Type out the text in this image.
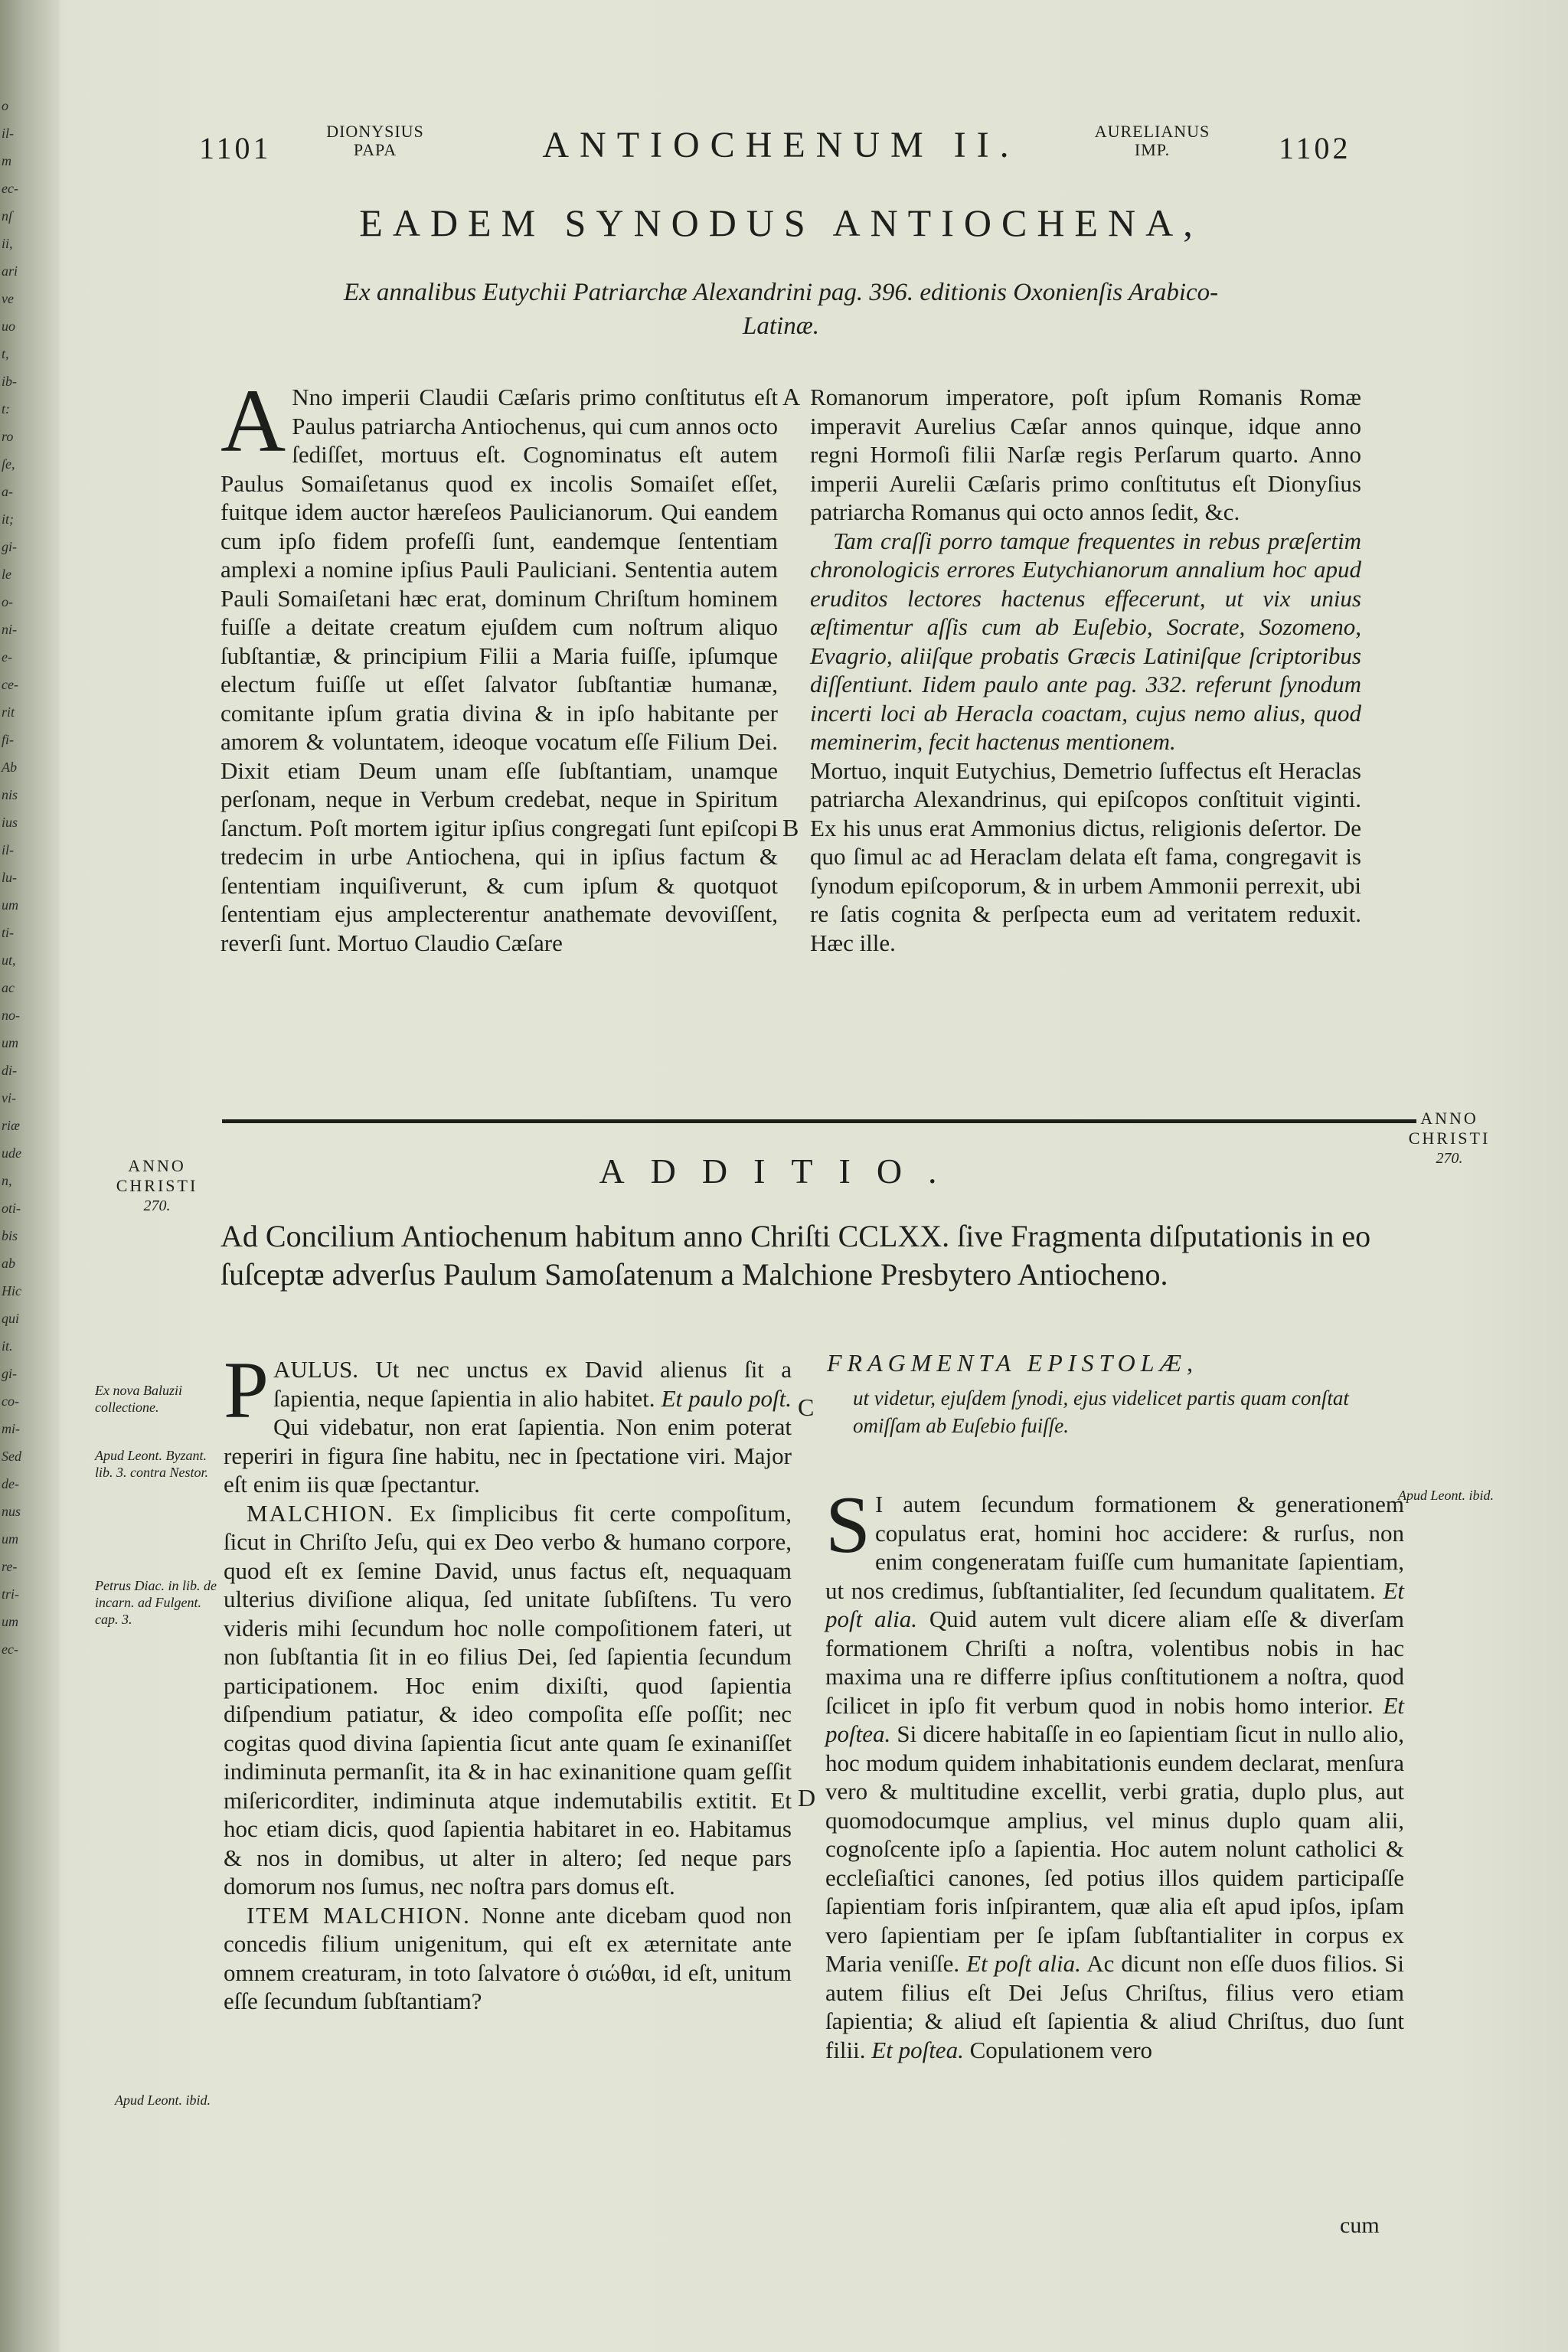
o
il-
m
ec-
nſ
ii,
ari
ve
uo
t,
ib-
t:
ro
ſe,
a-
it;
gi-
le
o-
ni-
e-
ce-
rit
fi-
Ab
nis
ius
il-
lu-
um
ti-
ut,
ac
no-
um
di-
vi-
riæ
ude
n,
oti-
bis
ab
Hic
qui
it.
gi-
co-
mi-
Sed
de-
nus
um
re-
tri-
um
ec-
1101	DIONYSIUS
PAPA	ANTIOCHENUM II.	AURELIANUS
IMP.	1102
EADEM SYNODUS ANTIOCHENA,
Ex annalibus Eutychii Patriarchæ Alexandrini pag. 396. editionis Oxonienſis Arabico-Latinæ.

A Nno imperii Claudii Cæſaris primo conſtitutus eſt Paulus patriarcha Antiochenus, qui cum annos octo ſediſſet, mortuus eſt. Cognominatus eſt autem Paulus Somaiſetanus quod ex incolis Somaiſet eſſet, fuitque idem auctor hæreſeos Paulicianorum. Qui eandem cum ipſo fidem profeſſi ſunt, eandemque ſententiam amplexi a nomine ipſius Pauli Pauliciani. Sententia autem Pauli Somaiſetani hæc erat, dominum Chriſtum hominem fuiſſe a deitate creatum ejuſdem cum noſtrum aliquo ſubſtantiæ, & principium Filii a Maria fuiſſe, ipſumque electum fuiſſe ut eſſet ſalvator ſubſtantiæ humanæ, comitante ipſum gratia divina & in ipſo habitante per amorem & voluntatem, ideoque vocatum eſſe Filium Dei. Dixit etiam Deum unam eſſe ſubſtantiam, unamque perſonam, neque in Verbum credebat, neque in Spiritum ſanctum. Poſt mortem igitur ipſius congregati ſunt epiſcopi tredecim in urbe Antiochena, qui in ipſius factum & ſententiam inquiſiverunt, & cum ipſum & quotquot ſententiam ejus amplecterentur anathemate devoviſſent, reverſi ſunt. Mortuo Claudio Cæſare

A
B

Romanorum imperatore, poſt ipſum Romanis Romæ imperavit Aurelius Cæſar annos quinque, idque anno regni Hormoſi filii Narſæ regis Perſarum quarto. Anno imperii Aurelii Cæſaris primo conſtitutus eſt Dionyſius patriarcha Romanus qui octo annos ſedit, &c.

Tam craſſi porro tamque frequentes in rebus præſertim chronologicis errores Eutychianorum annalium hoc apud eruditos lectores hactenus effecerunt, ut vix unius æſtimentur aſſis cum ab Euſebio, Socrate, Sozomeno, Evagrio, aliiſque probatis Græcis Latiniſque ſcriptoribus diſſentiunt. Iidem paulo ante pag. 332. referunt ſynodum incerti loci ab Heracla coactam, cujus nemo alius, quod meminerim, fecit hactenus mentionem.

Mortuo, inquit Eutychius, Demetrio ſuffectus eſt Heraclas patriarcha Alexandrinus, qui epiſcopos conſtituit viginti. Ex his unus erat Ammonius dictus, religionis deſertor. De quo ſimul ac ad Heraclam delata eſt fama, congregavit is ſynodum epiſcoporum, & in urbem Ammonii perrexit, ubi re ſatis cognita & perſpecta eum ad veritatem reduxit. Hæc ille.

ANNO
CHRISTI
270.
ANNO
CHRISTI
270.
ADDITIO.
Ad Concilium Antiochenum habitum anno Chriſti CCLXX. ſive Fragmenta diſputationis in eo ſuſceptæ adverſus Paulum Samoſatenum a Malchione Presbytero Antiocheno.
Ex nova Baluzii collectione.
Apud Leont. Byzant. lib. 3. contra Nestor.
Petrus Diac. in lib. de incarn. ad Fulgent. cap. 3.
Apud Leont. ibid.
Apud Leont. ibid.

PAULUS. Ut nec unctus ex David alienus ſit a ſapientia, neque ſapientia in alio habitet. Et paulo poſt. Qui videbatur, non erat ſapientia. Non enim poterat reperiri in figura ſine habitu, nec in ſpectatione viri. Major eſt enim iis quæ ſpectantur.

MALCHION. Ex ſimplicibus fit certe compoſitum, ſicut in Chriſto Jeſu, qui ex Deo verbo & humano corpore, quod eſt ex ſemine David, unus factus eſt, nequaquam ulterius diviſione aliqua, ſed unitate ſubſiſtens. Tu vero videris mihi ſecundum hoc nolle compoſitionem fateri, ut non ſubſtantia ſit in eo filius Dei, ſed ſapientia ſecundum participationem. Hoc enim dixiſti, quod ſapientia diſpendium patiatur, & ideo compoſita eſſe poſſit; nec cogitas quod divina ſapientia ſicut ante quam ſe exinaniſſet indiminuta permanſit, ita & in hac exinanitione quam geſſit miſericorditer, indiminuta atque indemutabilis extitit. Et hoc etiam dicis, quod ſapientia habitaret in eo. Habitamus & nos in domibus, ut alter in altero; ſed neque pars domorum nos ſumus, nec noſtra pars domus eſt.

ITEM MALCHION. Nonne ante dicebam quod non concedis filium unigenitum, qui eſt ex æternitate ante omnem creaturam, in toto ſalvatore ὁ σιώθαι, id eſt, unitum eſſe ſecundum ſubſtantiam?

C
D
FRAGMENTA EPISTOLÆ,
ut videtur, ejuſdem ſynodi, ejus videlicet partis quam conſtat omiſſam ab Euſebio fuiſſe.

S I autem ſecundum formationem & generationem copulatus erat, homini hoc accidere: & rurſus, non enim congeneratam fuiſſe cum humanitate ſapientiam, ut nos credimus, ſubſtantialiter, ſed ſecundum qualitatem. Et poſt alia. Quid autem vult dicere aliam eſſe & diverſam formationem Chriſti a noſtra, volentibus nobis in hac maxima una re differre ipſius conſtitutionem a noſtra, quod ſcilicet in ipſo fit verbum quod in nobis homo interior. Et poſtea. Si dicere habitaſſe in eo ſapientiam ſicut in nullo alio, hoc modum quidem inhabitationis eundem declarat, menſura vero & multitudine excellit, verbi gratia, duplo plus, aut quomodocumque amplius, vel minus duplo quam alii, cognoſcente ipſo a ſapientia. Hoc autem nolunt catholici & eccleſiaſtici canones, ſed potius illos quidem participaſſe ſapientiam foris inſpirantem, quæ alia eſt apud ipſos, ipſam vero ſapientiam per ſe ipſam ſubſtantialiter in corpus ex Maria veniſſe. Et poſt alia. Ac dicunt non eſſe duos filios. Si autem filius eſt Dei Jeſus Chriſtus, filius vero etiam ſapientia; & aliud eſt ſapientia & aliud Chriſtus, duo ſunt filii. Et poſtea. Copulationem vero

cum
